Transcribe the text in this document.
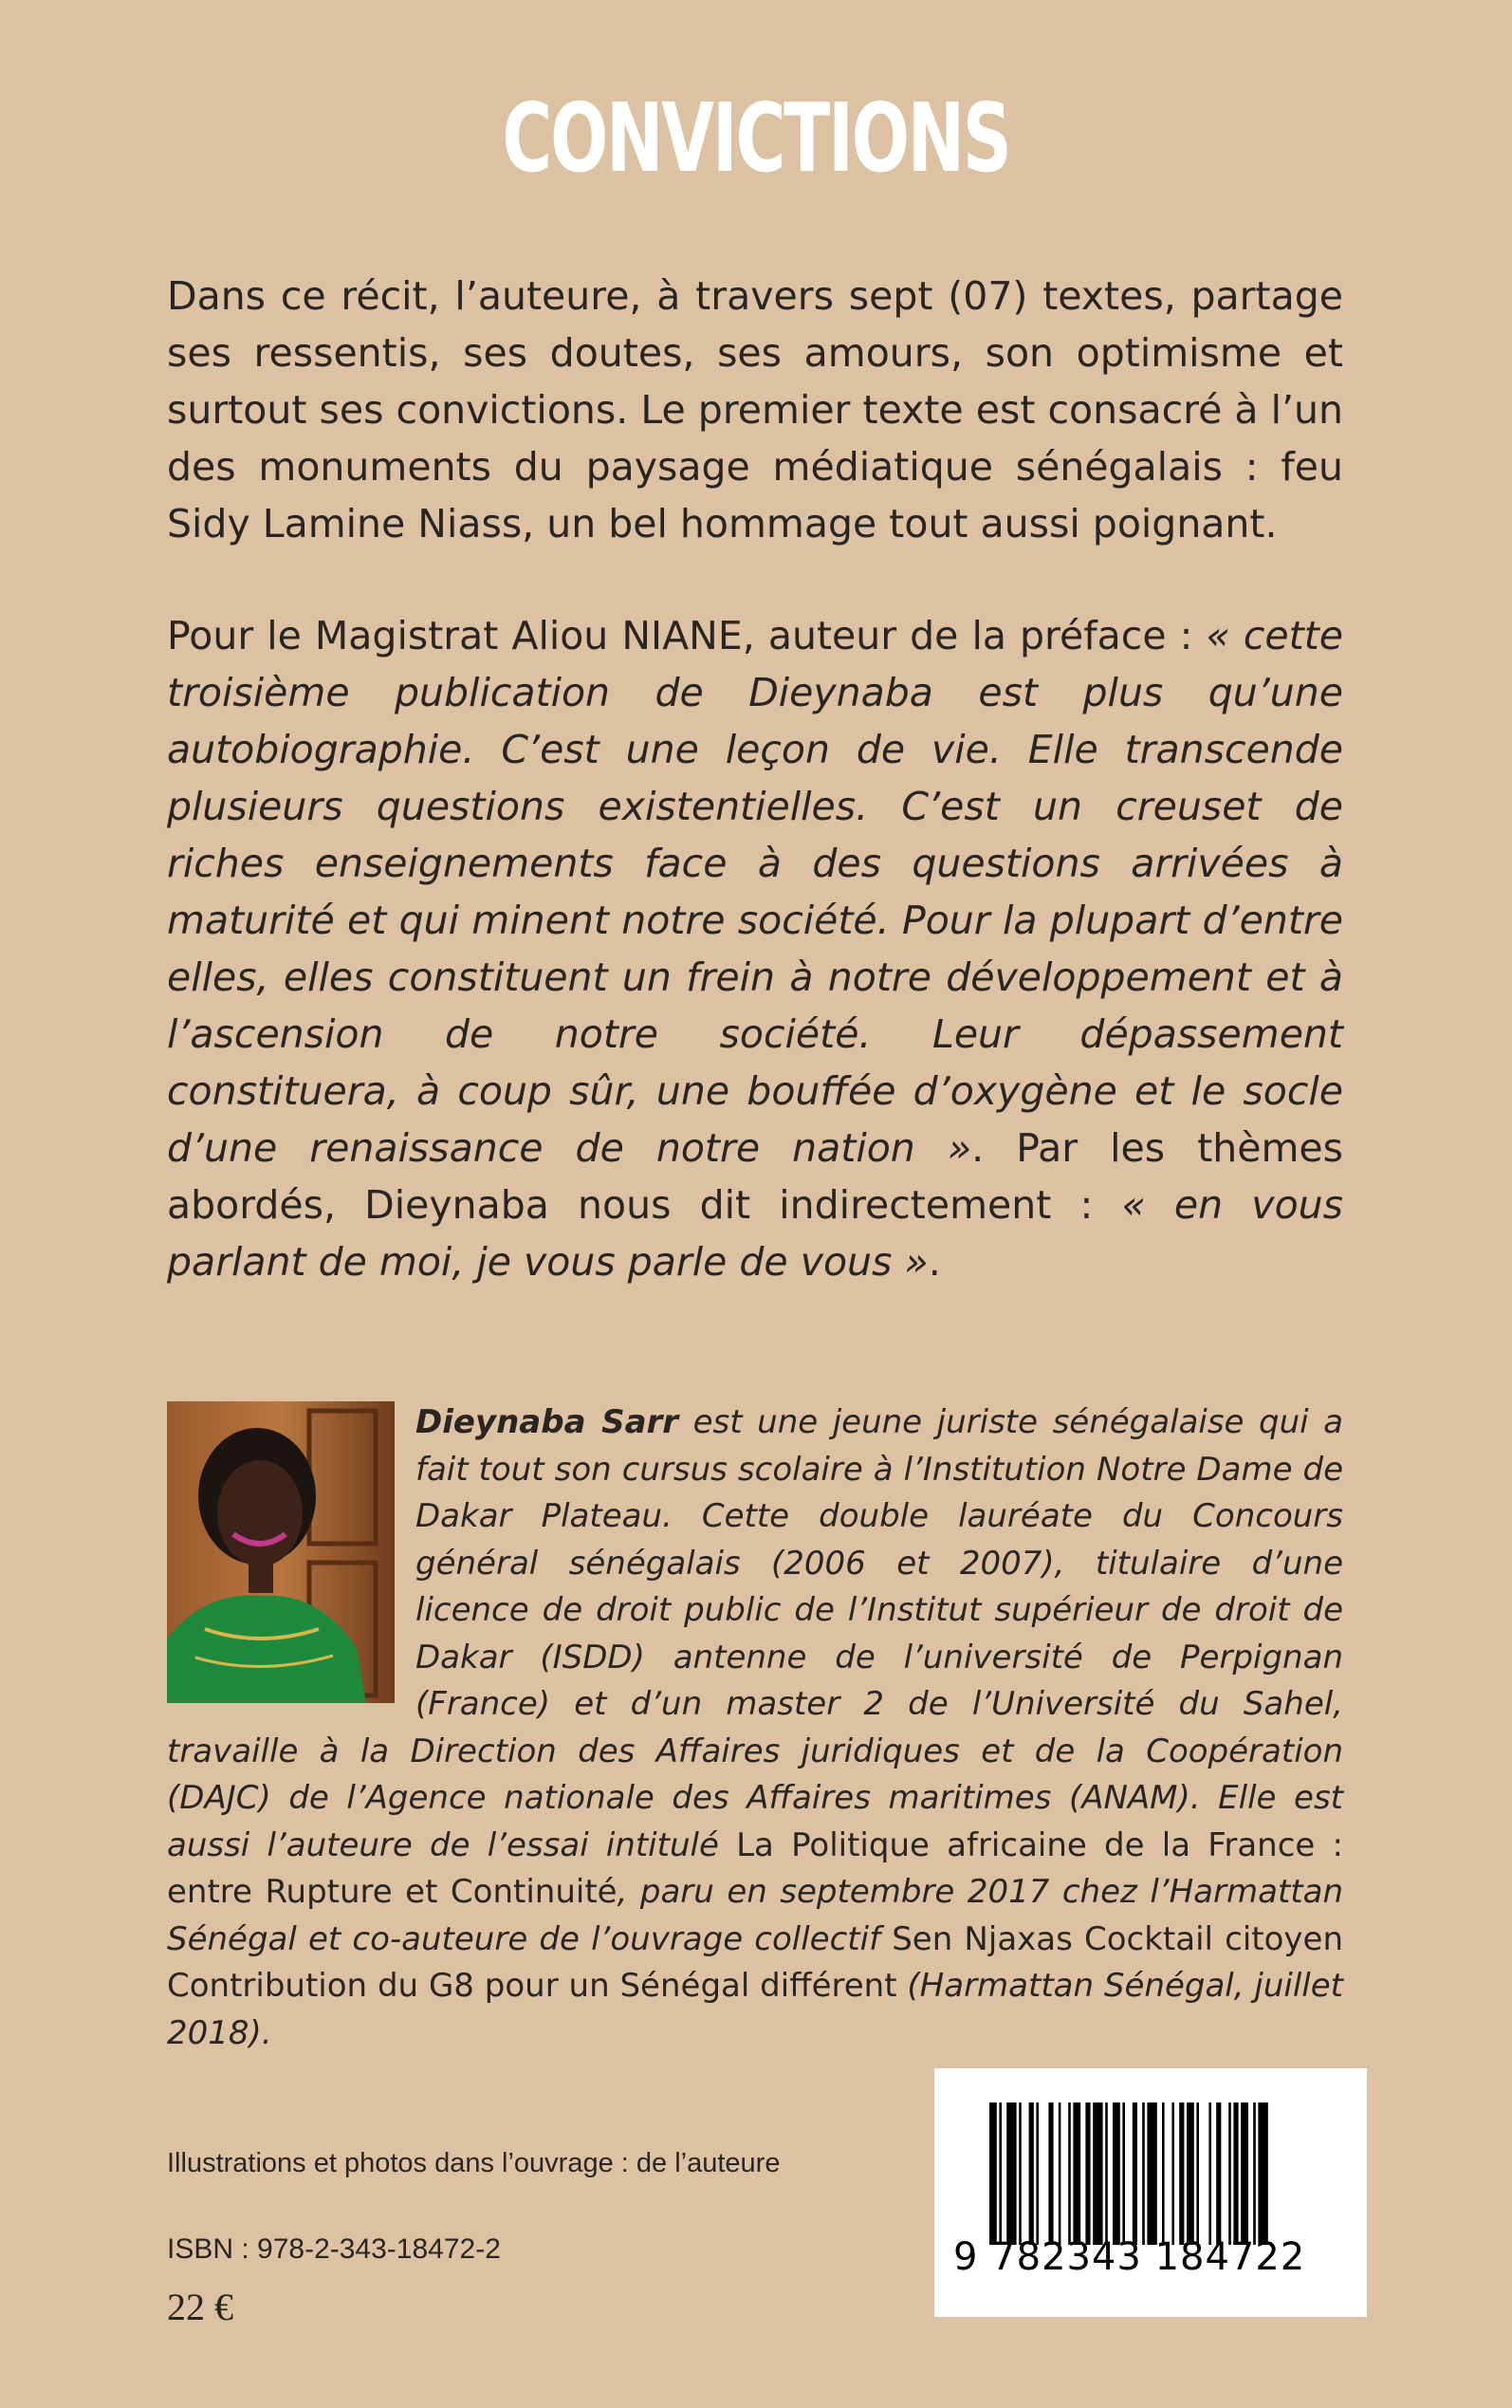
CONVICTIONS

Dans ce récit, l’auteure, à travers sept (07) textes, partage ses ressentis, ses doutes, ses amours, son optimisme et surtout ses convictions. Le premier texte est consacré à l’un des monuments du paysage médiatique sénégalais : feu Sidy Lamine Niass, un bel hommage tout aussi poignant.

Pour le Magistrat Aliou NIANE, auteur de la préface : « cette troisième publication de Dieynaba est plus qu’une autobiographie. C’est une leçon de vie. Elle transcende plusieurs questions existentielles. C’est un creuset de riches enseignements face à des questions arrivées à maturité et qui minent notre société. Pour la plupart d’entre elles, elles constituent un frein à notre développement et à l’ascension de notre société. Leur dépassement constituera, à coup sûr, une bouffée d’oxygène et le socle d’une renaissance de notre nation ». Par les thèmes abordés, Dieynaba nous dit indirectement : « en vous parlant de moi, je vous parle de vous ».

Dieynaba Sarr est une jeune juriste sénégalaise qui a fait tout son cursus scolaire à l’Institution Notre Dame de Dakar Plateau. Cette double lauréate du Concours général sénégalais (2006 et 2007), titulaire d’une licence de droit public de l’Institut supérieur de droit de Dakar (ISDD) antenne de l’université de Perpignan (France) et d’un master 2 de l’Université du Sahel, travaille à la Direction des Affaires juridiques et de la Coopération (DAJC) de l’Agence nationale des Affaires maritimes (ANAM). Elle est aussi l’auteure de l’essai intitulé La Politique africaine de la France : entre Rupture et Continuité, paru en septembre 2017 chez l’Harmattan Sénégal et co-auteure de l’ouvrage collectif Sen Njaxas Cocktail citoyen Contribution du G8 pour un Sénégal différent (Harmattan Sénégal, juillet 2018).

Illustrations et photos dans l’ouvrage : de l’auteure
ISBN : 978-2-343-18472-2
22 €
9 782343 184722
